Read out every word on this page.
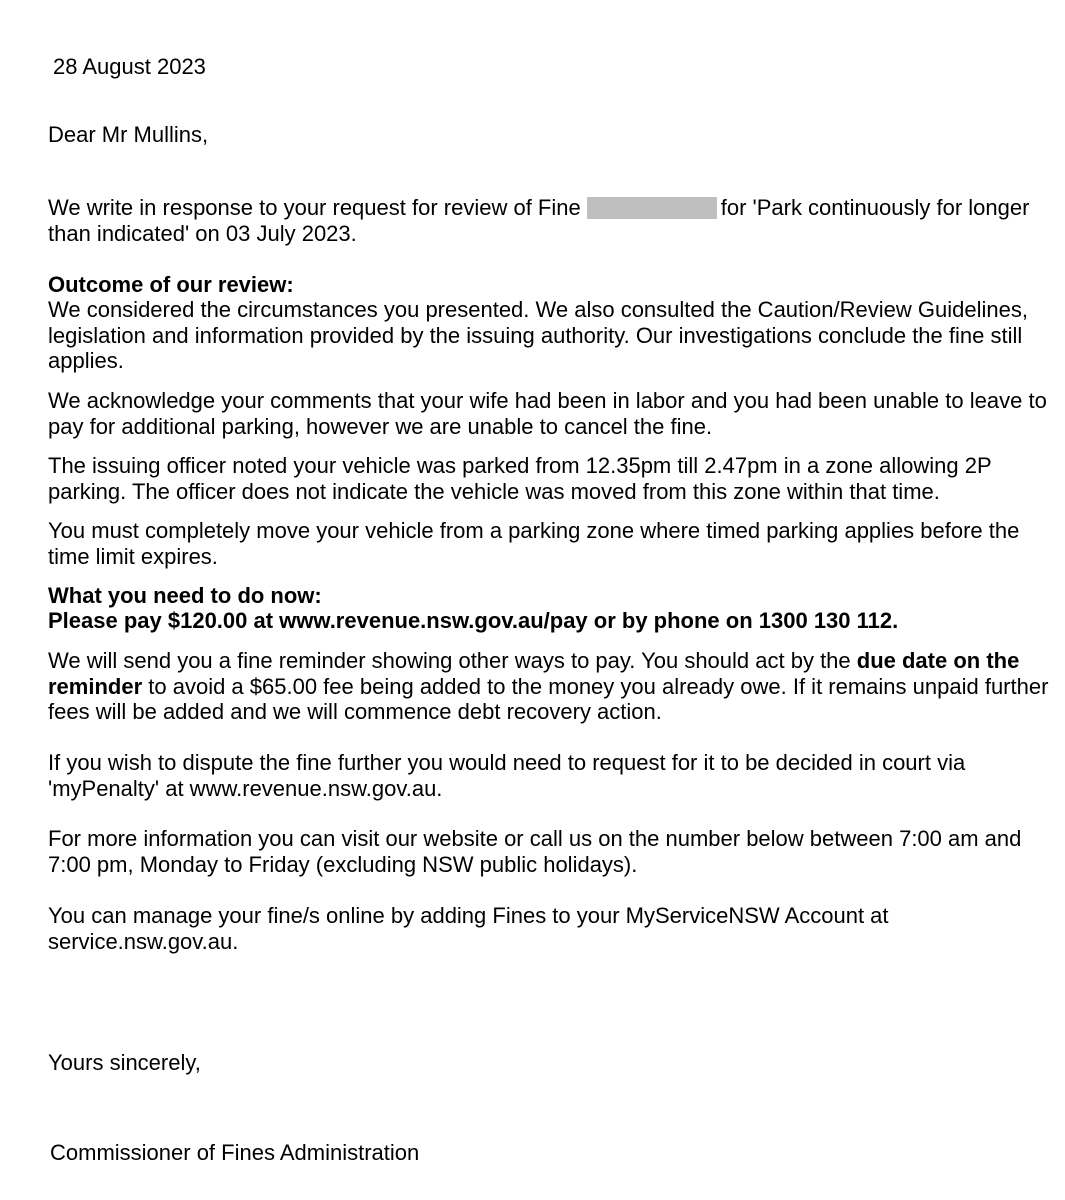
28 August 2023

Dear Mr Mullins,

We write in response to your request for review of Fine	for 'Park continuously for longer than indicated' on 03 July 2023.

Outcome of our review:

We considered the circumstances you presented. We also consulted the Caution/Review Guidelines, legislation and information provided by the issuing authority. Our investigations conclude the fine still applies.

We acknowledge your comments that your wife had been in labor and you had been unable to leave to pay for additional parking, however we are unable to cancel the fine.

The issuing officer noted your vehicle was parked from 12.35pm till 2.47pm in a zone allowing 2P parking. The officer does not indicate the vehicle was moved from this zone within that time.

You must completely move your vehicle from a parking zone where timed parking applies before the time limit expires.

What you need to do now:

Please pay $120.00 at www.revenue.nsw.gov.au/pay or by phone on 1300 130 112.

We will send you a fine reminder showing other ways to pay. You should act by the due date on the reminder to avoid a $65.00 fee being added to the money you already owe. If it remains unpaid further fees will be added and we will commence debt recovery action.

If you wish to dispute the fine further you would need to request for it to be decided in court via 'myPenalty' at www.revenue.nsw.gov.au.

For more information you can visit our website or call us on the number below between 7:00 am and 7:00 pm, Monday to Friday (excluding NSW public holidays).

You can manage your fine/s online by adding Fines to your MyServiceNSW Account at service.nsw.gov.au.

Yours sincerely,

Commissioner of Fines Administration
